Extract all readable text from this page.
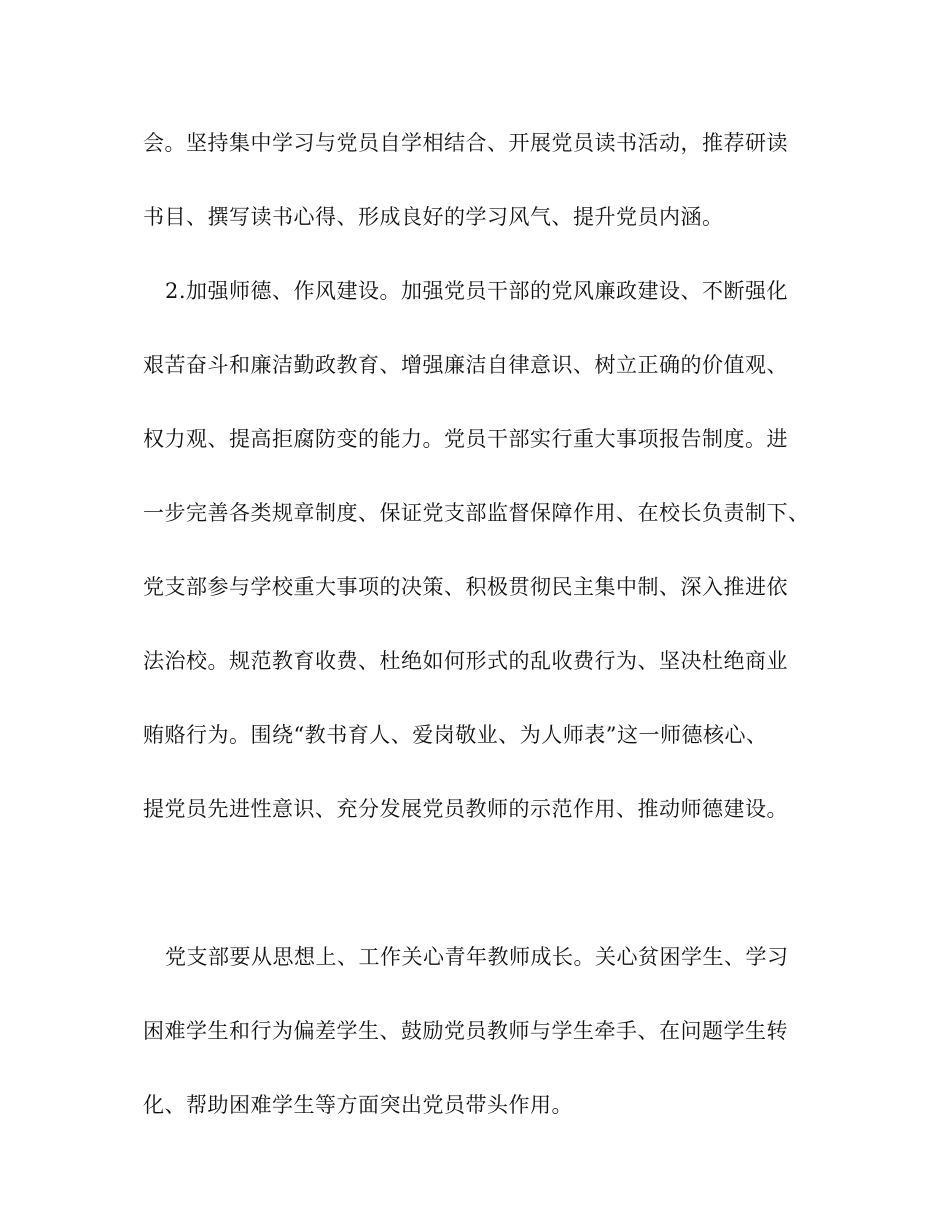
会。坚持集中学习与党员自学相结合、开展党员读书活动，推荐研读

书目、撰写读书心得、形成良好的学习风气、提升党员内涵。

2.加强师德、作风建设。加强党员干部的党风廉政建设、不断强化

艰苦奋斗和廉洁勤政教育、增强廉洁自律意识、树立正确的价值观、

权力观、提高拒腐防变的能力。党员干部实行重大事项报告制度。进

一步完善各类规章制度、保证党支部监督保障作用、在校长负责制下、

党支部参与学校重大事项的决策、积极贯彻民主集中制、深入推进依

法治校。规范教育收费、杜绝如何形式的乱收费行为、坚决杜绝商业

贿赂行为。围绕“教书育人、爱岗敬业、为人师表”这一师德核心、

提党员先进性意识、充分发展党员教师的示范作用、推动师德建设。

党支部要从思想上、工作关心青年教师成长。关心贫困学生、学习

困难学生和行为偏差学生、鼓励党员教师与学生牵手、在问题学生转

化、帮助困难学生等方面突出党员带头作用。
